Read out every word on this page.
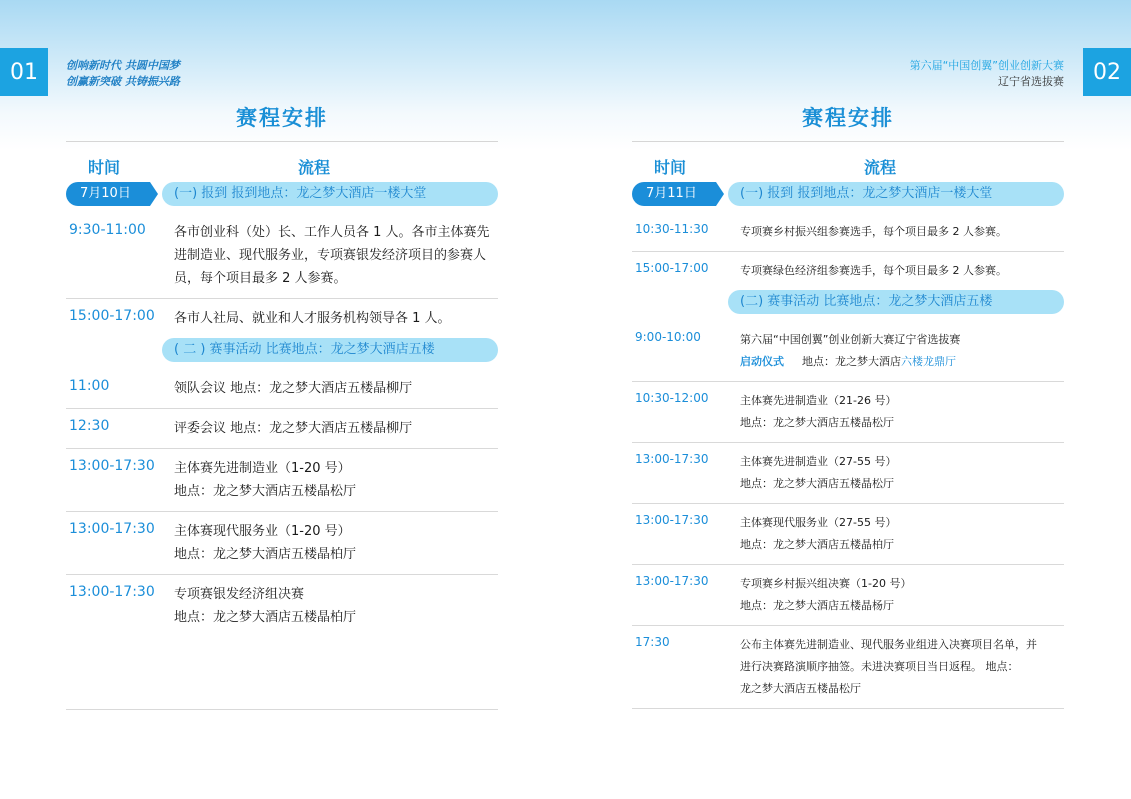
01	02
创响新时代 共圆中国梦
创赢新突破 共铸振兴路
第六届“中国创翼”创业创新大赛
辽宁省选拔赛
赛程安排
时间	流程
7月10日	(一) 报到 报到地点：龙之梦大酒店一楼大堂
9:30-11:00 各市创业科（处）长、工作人员各 1 人。各市主体赛先进制造业、现代服务业，专项赛银发经济项目的参赛人员，每个项目最多 2 人参赛。
15:00-17:00 各市人社局、就业和人才服务机构领导各 1 人。
( 二 ) 赛事活动 比赛地点：龙之梦大酒店五楼
11:00	领队会议 地点：龙之梦大酒店五楼晶柳厅
12:30	评委会议 地点：龙之梦大酒店五楼晶柳厅
13:00-17:30 主体赛先进制造业（1-20 号）
地点：龙之梦大酒店五楼晶松厅
13:00-17:30 主体赛现代服务业（1-20 号）
地点：龙之梦大酒店五楼晶柏厅
13:00-17:30 专项赛银发经济组决赛
地点：龙之梦大酒店五楼晶柏厅
赛程安排
时间	流程
7月11日	(一) 报到 报到地点：龙之梦大酒店一楼大堂
10:30-11:30	专项赛乡村振兴组参赛选手，每个项目最多 2 人参赛。
15:00-17:00	专项赛绿色经济组参赛选手，每个项目最多 2 人参赛。
(二) 赛事活动 比赛地点：龙之梦大酒店五楼
9:00-10:00	第六届“中国创翼”创业创新大赛辽宁省选拔赛
启动仪式 地点：龙之梦大酒店六楼龙鼎厅
10:30-12:00	主体赛先进制造业（21-26 号）
地点：龙之梦大酒店五楼晶松厅
13:00-17:30	主体赛先进制造业（27-55 号）
地点：龙之梦大酒店五楼晶松厅
13:00-17:30	主体赛现代服务业（27-55 号）
地点：龙之梦大酒店五楼晶柏厅
13:00-17:30	专项赛乡村振兴组决赛（1-20 号）
地点：龙之梦大酒店五楼晶杨厅
17:30	公布主体赛先进制造业、现代服务业组进入决赛项目名单，并
进行决赛路演顺序抽签。未进决赛项目当日返程。 地点：
龙之梦大酒店五楼晶松厅
